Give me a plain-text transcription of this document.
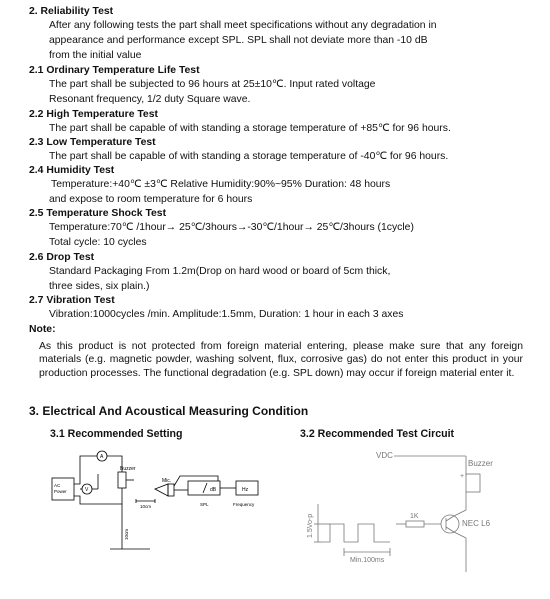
2. Reliability Test
After any following tests the part shall meet specifications without any degradation in
appearance and performance except SPL. SPL shall not deviate more than -10 dB
from the initial value
2.1 Ordinary Temperature Life Test
The part shall be subjected to 96 hours at 25±10℃. Input rated voltage
Resonant frequency, 1/2 duty Square wave.
2.2 High Temperature Test
The part shall be capable of with standing a storage temperature of +85℃ for 96 hours.
2.3 Low Temperature Test
The part shall be capable of with standing a storage temperature of -40℃ for 96 hours.
2.4 Humidity Test
Temperature:+40℃ ±3℃ Relative Humidity:90%~95% Duration: 48 hours
and expose to room temperature for 6 hours
2.5 Temperature Shock Test
Temperature:70℃ /1hour→ 25℃/3hours→-30℃/1hour→ 25℃/3hours (1cycle)
Total cycle: 10 cycles
2.6 Drop Test
Standard Packaging From 1.2m(Drop on hard wood or board of 5cm thick,
three sides, six plain.)
2.7 Vibration Test
Vibration:1000cycles /min. Amplitude:1.5mm, Duration: 1 hour in each 3 axes
Note:
As this product is not protected from foreign material entering, please make sure that any foreign materials (e.g. magnetic powder, washing solvent, flux, corrosive gas) do not enter this product in your production processes. The functional degradation (e.g. SPL down) may occur if foreign material enter it.
3. Electrical And Acoustical Measuring Condition
3.1 Recommended Setting	3.2 Recommended Test Circuit
AC
Power
A
V
Buzzer
Mic.
dB	Hz
10cm	SPL	Frequency
10cm
VDC
Buzzer
+
1K
NEC L6
1.5Vo-p
Min.100ms
